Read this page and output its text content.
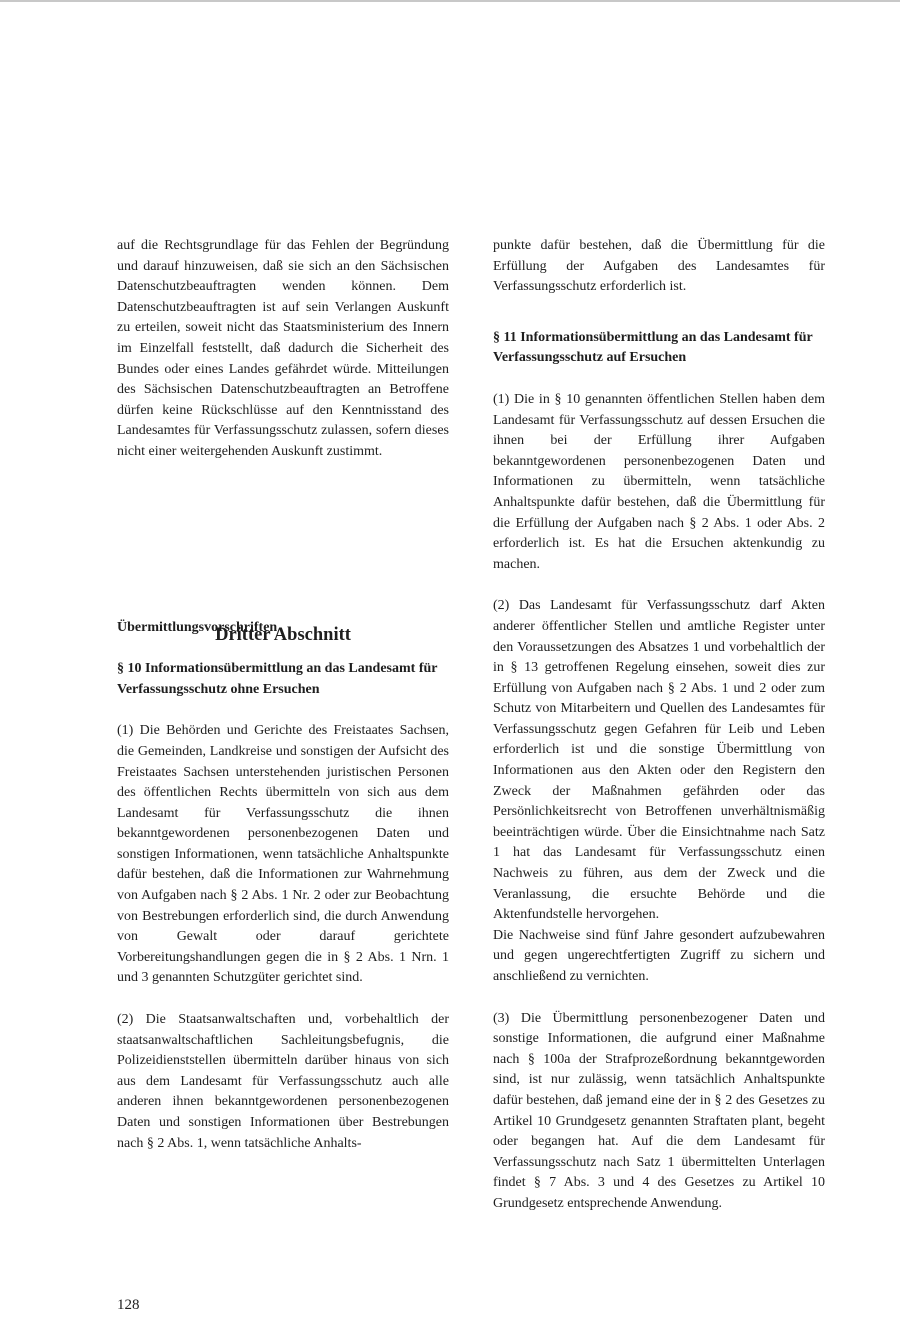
auf die Rechtsgrundlage für das Fehlen der Begründung und darauf hinzuweisen, daß sie sich an den Sächsischen Datenschutzbeauftragten wenden können. Dem Datenschutzbeauftragten ist auf sein Verlangen Auskunft zu erteilen, soweit nicht das Staatsministerium des Innern im Einzelfall feststellt, daß dadurch die Sicherheit des Bundes oder eines Landes gefährdet würde. Mitteilungen des Sächsischen Datenschutzbeauftragten an Betroffene dürfen keine Rückschlüsse auf den Kenntnisstand des Landesamtes für Verfassungsschutz zulassen, sofern dieses nicht einer weitergehenden Auskunft zustimmt.

Übermittlungsvorschriften

§ 10 Informationsübermittlung an das Landesamt für Verfassungsschutz ohne Ersuchen

(1) Die Behörden und Gerichte des Freistaates Sachsen, die Gemeinden, Landkreise und sonstigen der Aufsicht des Freistaates Sachsen unterstehenden juristischen Personen des öffentlichen Rechts übermitteln von sich aus dem Landesamt für Verfassungsschutz die ihnen bekanntgewordenen personenbezogenen Daten und sonstigen Informationen, wenn tatsächliche Anhaltspunkte dafür bestehen, daß die Informationen zur Wahrnehmung von Aufgaben nach § 2 Abs. 1 Nr. 2 oder zur Beobachtung von Bestrebungen erforderlich sind, die durch Anwendung von Gewalt oder darauf gerichtete Vorbereitungshandlungen gegen die in § 2 Abs. 1 Nrn. 1 und 3 genannten Schutzgüter gerichtet sind.

(2) Die Staatsanwaltschaften und, vorbehaltlich der staatsanwaltschaftlichen Sachleitungsbefugnis, die Polizeidienststellen übermitteln darüber hinaus von sich aus dem Landesamt für Verfassungsschutz auch alle anderen ihnen bekanntgewordenen personenbezogenen Daten und sonstigen Informationen über Bestrebungen nach § 2 Abs. 1, wenn tatsächliche Anhalts-

Dritter Abschnitt

punkte dafür bestehen, daß die Übermittlung für die Erfüllung der Aufgaben des Landesamtes für Verfassungsschutz erforderlich ist.

§ 11 Informationsübermittlung an das Landesamt für Verfassungsschutz auf Ersuchen

(1) Die in § 10 genannten öffentlichen Stellen haben dem Landesamt für Verfassungsschutz auf dessen Ersuchen die ihnen bei der Erfüllung ihrer Aufgaben bekanntgewordenen personenbezogenen Daten und Informationen zu übermitteln, wenn tatsächliche Anhaltspunkte dafür bestehen, daß die Übermittlung für die Erfüllung der Aufgaben nach § 2 Abs. 1 oder Abs. 2 erforderlich ist. Es hat die Ersuchen aktenkundig zu machen.

(2) Das Landesamt für Verfassungsschutz darf Akten anderer öffentlicher Stellen und amtliche Register unter den Voraussetzungen des Absatzes 1 und vorbehaltlich der in § 13 getroffenen Regelung einsehen, soweit dies zur Erfüllung von Aufgaben nach § 2 Abs. 1 und 2 oder zum Schutz von Mitarbeitern und Quellen des Landesamtes für Verfassungsschutz gegen Gefahren für Leib und Leben erforderlich ist und die sonstige Übermittlung von Informationen aus den Akten oder den Registern den Zweck der Maßnahmen gefährden oder das Persönlichkeitsrecht von Betroffenen unverhältnismäßig beeinträchtigen würde. Über die Einsichtnahme nach Satz 1 hat das Landesamt für Verfassungsschutz einen Nachweis zu führen, aus dem der Zweck und die Veranlassung, die ersuchte Behörde und die Aktenfundstelle hervorgehen.

Die Nachweise sind fünf Jahre gesondert aufzubewahren und gegen ungerechtfertigten Zugriff zu sichern und anschließend zu vernichten.

(3) Die Übermittlung personenbezogener Daten und sonstige Informationen, die aufgrund einer Maßnahme nach § 100a der Strafprozeßordnung bekanntgeworden sind, ist nur zulässig, wenn tatsächlich Anhaltspunkte dafür bestehen, daß jemand eine der in § 2 des Gesetzes zu Artikel 10 Grundgesetz genannten Straftaten plant, begeht oder begangen hat. Auf die dem Landesamt für Verfassungsschutz nach Satz 1 übermittelten Unterlagen findet § 7 Abs. 3 und 4 des Gesetzes zu Artikel 10 Grundgesetz entsprechende Anwendung.

128
